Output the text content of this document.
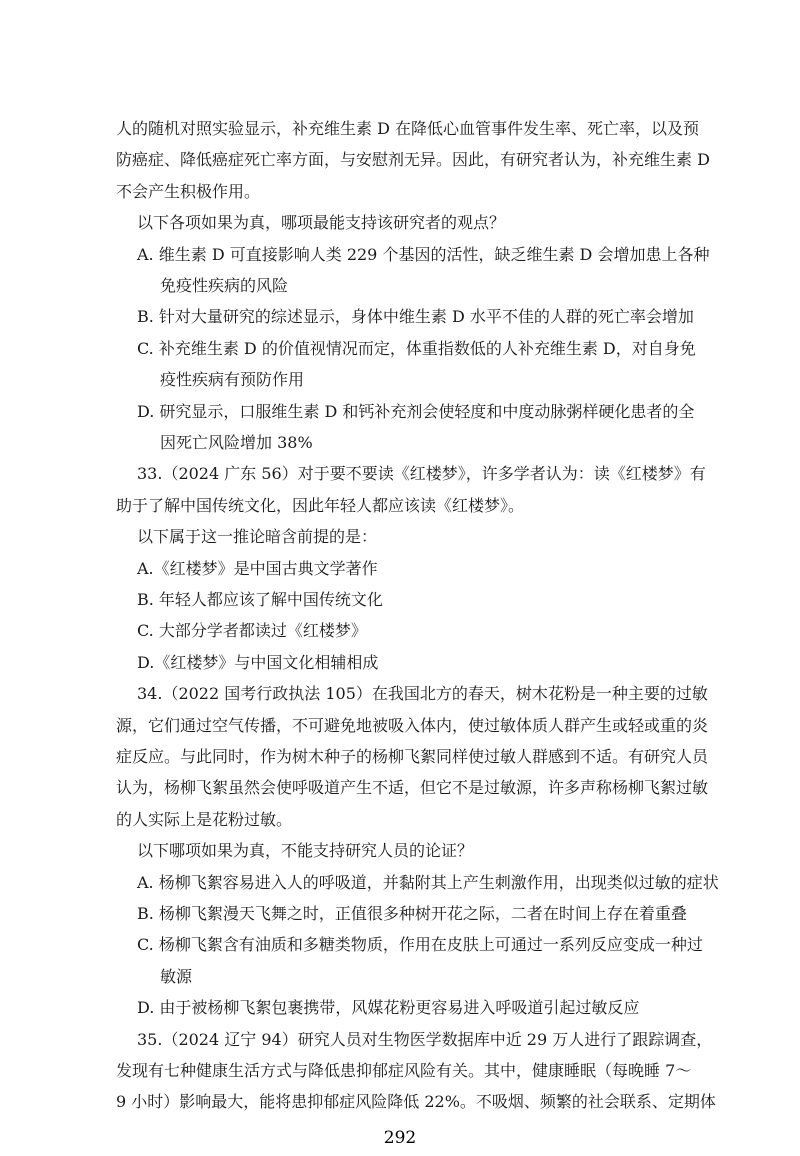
人的随机对照实验显示，补充维生素 D 在降低心血管事件发生率、死亡率，以及预
防癌症、降低癌症死亡率方面，与安慰剂无异。因此，有研究者认为，补充维生素 D
不会产生积极作用。
以下各项如果为真，哪项最能支持该研究者的观点？
A. 维生素 D 可直接影响人类 229 个基因的活性，缺乏维生素 D 会增加患上各种
免疫性疾病的风险
B. 针对大量研究的综述显示，身体中维生素 D 水平不佳的人群的死亡率会增加
C. 补充维生素 D 的价值视情况而定，体重指数低的人补充维生素 D，对自身免
疫性疾病有预防作用
D. 研究显示，口服维生素 D 和钙补充剂会使轻度和中度动脉粥样硬化患者的全
因死亡风险增加 38%
33.（2024 广东 56）对于要不要读《红楼梦》，许多学者认为：读《红楼梦》有
助于了解中国传统文化，因此年轻人都应该读《红楼梦》。
以下属于这一推论暗含前提的是：
A.《红楼梦》是中国古典文学著作
B. 年轻人都应该了解中国传统文化
C. 大部分学者都读过《红楼梦》
D.《红楼梦》与中国文化相辅相成
34.（2022 国考行政执法 105）在我国北方的春天，树木花粉是一种主要的过敏
源，它们通过空气传播，不可避免地被吸入体内，使过敏体质人群产生或轻或重的炎
症反应。与此同时，作为树木种子的杨柳飞絮同样使过敏人群感到不适。有研究人员
认为，杨柳飞絮虽然会使呼吸道产生不适，但它不是过敏源，许多声称杨柳飞絮过敏
的人实际上是花粉过敏。
以下哪项如果为真，不能支持研究人员的论证？
A. 杨柳飞絮容易进入人的呼吸道，并黏附其上产生刺激作用，出现类似过敏的症状
B. 杨柳飞絮漫天飞舞之时，正值很多种树开花之际，二者在时间上存在着重叠
C. 杨柳飞絮含有油质和多糖类物质，作用在皮肤上可通过一系列反应变成一种过
敏源
D. 由于被杨柳飞絮包裹携带，风媒花粉更容易进入呼吸道引起过敏反应
35.（2024 辽宁 94）研究人员对生物医学数据库中近 29 万人进行了跟踪调查，
发现有七种健康生活方式与降低患抑郁症风险有关。其中，健康睡眠（每晚睡 7～
9 小时）影响最大，能将患抑郁症风险降低 22%。不吸烟、频繁的社会联系、定期体
292
